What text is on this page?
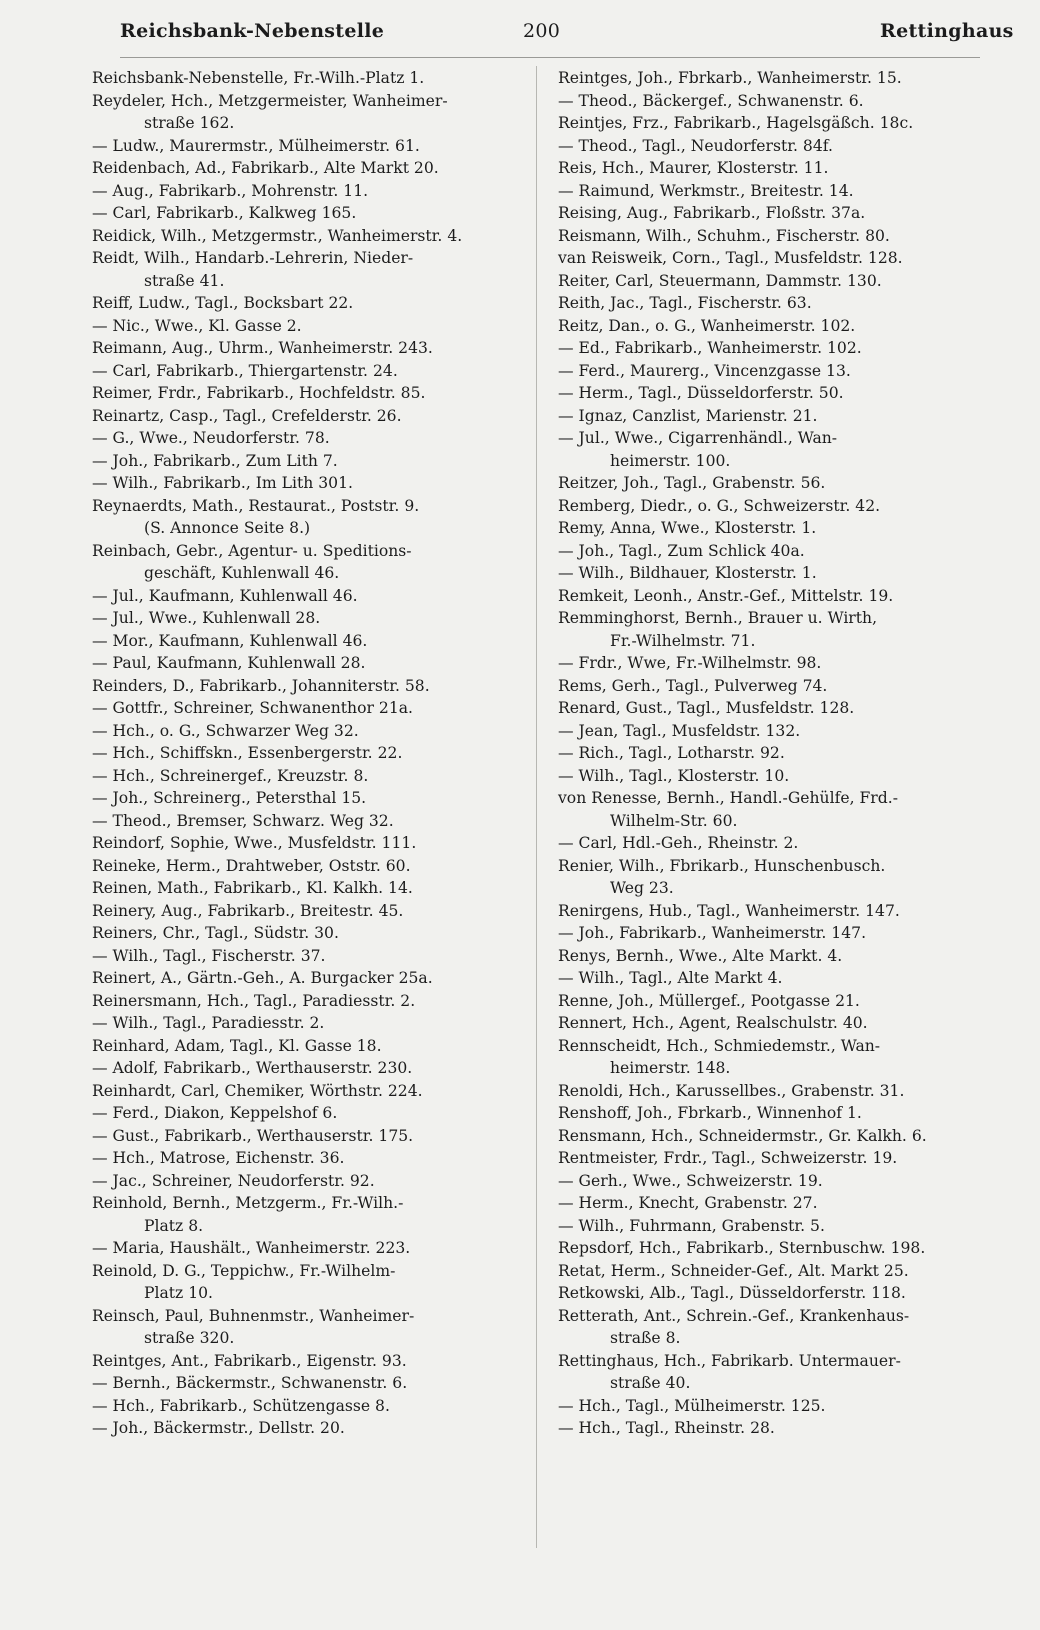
Reichsbank-Nebenstelle	200	Rettinghaus

Reichsbank-Nebenstelle, Fr.-Wilh.-Platz 1.

Reydeler, Hch., Metzgermeister, Wanheimer-

straße 162.

— Ludw., Maurermstr., Mülheimerstr. 61.

Reidenbach, Ad., Fabrikarb., Alte Markt 20.

— Aug., Fabrikarb., Mohrenstr. 11.

— Carl, Fabrikarb., Kalkweg 165.

Reidick, Wilh., Metzgermstr., Wanheimerstr. 4.

Reidt, Wilh., Handarb.-Lehrerin, Nieder-

straße 41.

Reiff, Ludw., Tagl., Bocksbart 22.

— Nic., Wwe., Kl. Gasse 2.

Reimann, Aug., Uhrm., Wanheimerstr. 243.

— Carl, Fabrikarb., Thiergartenstr. 24.

Reimer, Frdr., Fabrikarb., Hochfeldstr. 85.

Reinartz, Casp., Tagl., Crefelderstr. 26.

— G., Wwe., Neudorferstr. 78.

— Joh., Fabrikarb., Zum Lith 7.

— Wilh., Fabrikarb., Im Lith 301.

Reynaerdts, Math., Restaurat., Poststr. 9.

(S. Annonce Seite 8.)

Reinbach, Gebr., Agentur- u. Speditions-

geschäft, Kuhlenwall 46.

— Jul., Kaufmann, Kuhlenwall 46.

— Jul., Wwe., Kuhlenwall 28.

— Mor., Kaufmann, Kuhlenwall 46.

— Paul, Kaufmann, Kuhlenwall 28.

Reinders, D., Fabrikarb., Johanniterstr. 58.

— Gottfr., Schreiner, Schwanenthor 21a.

— Hch., o. G., Schwarzer Weg 32.

— Hch., Schiffskn., Essenbergerstr. 22.

— Hch., Schreinergef., Kreuzstr. 8.

— Joh., Schreinerg., Petersthal 15.

— Theod., Bremser, Schwarz. Weg 32.

Reindorf, Sophie, Wwe., Musfeldstr. 111.

Reineke, Herm., Drahtweber, Oststr. 60.

Reinen, Math., Fabrikarb., Kl. Kalkh. 14.

Reinery, Aug., Fabrikarb., Breitestr. 45.

Reiners, Chr., Tagl., Südstr. 30.

— Wilh., Tagl., Fischerstr. 37.

Reinert, A., Gärtn.-Geh., A. Burgacker 25a.

Reinersmann, Hch., Tagl., Paradiesstr. 2.

— Wilh., Tagl., Paradiesstr. 2.

Reinhard, Adam, Tagl., Kl. Gasse 18.

— Adolf, Fabrikarb., Werthauserstr. 230.

Reinhardt, Carl, Chemiker, Wörthstr. 224.

— Ferd., Diakon, Keppelshof 6.

— Gust., Fabrikarb., Werthauserstr. 175.

— Hch., Matrose, Eichenstr. 36.

— Jac., Schreiner, Neudorferstr. 92.

Reinhold, Bernh., Metzgerm., Fr.-Wilh.-

Platz 8.

— Maria, Haushält., Wanheimerstr. 223.

Reinold, D. G., Teppichw., Fr.-Wilhelm-

Platz 10.

Reinsch, Paul, Buhnenmstr., Wanheimer-

straße 320.

Reintges, Ant., Fabrikarb., Eigenstr. 93.

— Bernh., Bäckermstr., Schwanenstr. 6.

— Hch., Fabrikarb., Schützengasse 8.

— Joh., Bäckermstr., Dellstr. 20.

Reintges, Joh., Fbrkarb., Wanheimerstr. 15.

— Theod., Bäckergef., Schwanenstr. 6.

Reintjes, Frz., Fabrikarb., Hagelsgäßch. 18c.

— Theod., Tagl., Neudorferstr. 84f.

Reis, Hch., Maurer, Klosterstr. 11.

— Raimund, Werkmstr., Breitestr. 14.

Reising, Aug., Fabrikarb., Floßstr. 37a.

Reismann, Wilh., Schuhm., Fischerstr. 80.

van Reisweik, Corn., Tagl., Musfeldstr. 128.

Reiter, Carl, Steuermann, Dammstr. 130.

Reith, Jac., Tagl., Fischerstr. 63.

Reitz, Dan., o. G., Wanheimerstr. 102.

— Ed., Fabrikarb., Wanheimerstr. 102.

— Ferd., Maurerg., Vincenzgasse 13.

— Herm., Tagl., Düsseldorferstr. 50.

— Ignaz, Canzlist, Marienstr. 21.

— Jul., Wwe., Cigarrenhändl., Wan-

heimerstr. 100.

Reitzer, Joh., Tagl., Grabenstr. 56.

Remberg, Diedr., o. G., Schweizerstr. 42.

Remy, Anna, Wwe., Klosterstr. 1.

— Joh., Tagl., Zum Schlick 40a.

— Wilh., Bildhauer, Klosterstr. 1.

Remkeit, Leonh., Anstr.-Gef., Mittelstr. 19.

Remminghorst, Bernh., Brauer u. Wirth,

Fr.-Wilhelmstr. 71.

— Frdr., Wwe, Fr.-Wilhelmstr. 98.

Rems, Gerh., Tagl., Pulverweg 74.

Renard, Gust., Tagl., Musfeldstr. 128.

— Jean, Tagl., Musfeldstr. 132.

— Rich., Tagl., Lotharstr. 92.

— Wilh., Tagl., Klosterstr. 10.

von Renesse, Bernh., Handl.-Gehülfe, Frd.-

Wilhelm-Str. 60.

— Carl, Hdl.-Geh., Rheinstr. 2.

Renier, Wilh., Fbrikarb., Hunschenbusch.

Weg 23.

Renirgens, Hub., Tagl., Wanheimerstr. 147.

— Joh., Fabrikarb., Wanheimerstr. 147.

Renys, Bernh., Wwe., Alte Markt. 4.

— Wilh., Tagl., Alte Markt 4.

Renne, Joh., Müllergef., Pootgasse 21.

Rennert, Hch., Agent, Realschulstr. 40.

Rennscheidt, Hch., Schmiedemstr., Wan-

heimerstr. 148.

Renoldi, Hch., Karussellbes., Grabenstr. 31.

Renshoff, Joh., Fbrkarb., Winnenhof 1.

Rensmann, Hch., Schneidermstr., Gr. Kalkh. 6.

Rentmeister, Frdr., Tagl., Schweizerstr. 19.

— Gerh., Wwe., Schweizerstr. 19.

— Herm., Knecht, Grabenstr. 27.

— Wilh., Fuhrmann, Grabenstr. 5.

Repsdorf, Hch., Fabrikarb., Sternbuschw. 198.

Retat, Herm., Schneider-Gef., Alt. Markt 25.

Retkowski, Alb., Tagl., Düsseldorferstr. 118.

Retterath, Ant., Schrein.-Gef., Krankenhaus-

straße 8.

Rettinghaus, Hch., Fabrikarb. Untermauer-

straße 40.

— Hch., Tagl., Mülheimerstr. 125.

— Hch., Tagl., Rheinstr. 28.
